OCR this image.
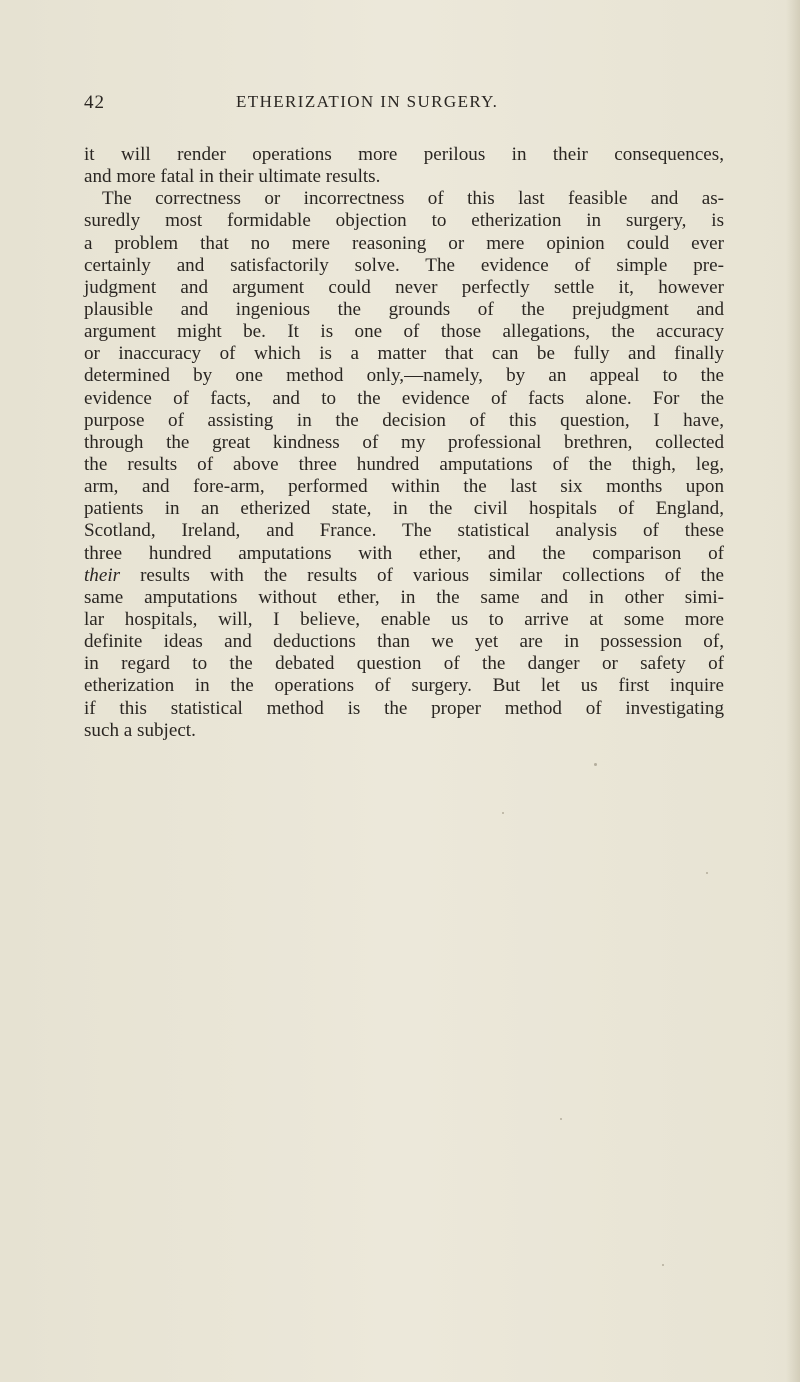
42	ETHERIZATION IN SURGERY.
it will render operations more perilous in their consequences,
and more fatal in their ultimate results.
The correctness or incorrectness of this last feasible and as-
suredly most formidable objection to etherization in surgery, is
a problem that no mere reasoning or mere opinion could ever
certainly and satisfactorily solve. The evidence of simple pre-
judgment and argument could never perfectly settle it, however
plausible and ingenious the grounds of the prejudgment and
argument might be. It is one of those allegations, the accuracy
or inaccuracy of which is a matter that can be fully and finally
determined by one method only,—namely, by an appeal to the
evidence of facts, and to the evidence of facts alone. For the
purpose of assisting in the decision of this question, I have,
through the great kindness of my professional brethren, collected
the results of above three hundred amputations of the thigh, leg,
arm, and fore-arm, performed within the last six months upon
patients in an etherized state, in the civil hospitals of England,
Scotland, Ireland, and France. The statistical analysis of these
three hundred amputations with ether, and the comparison of
their results with the results of various similar collections of the
same amputations without ether, in the same and in other simi-
lar hospitals, will, I believe, enable us to arrive at some more
definite ideas and deductions than we yet are in possession of,
in regard to the debated question of the danger or safety of
etherization in the operations of surgery. But let us first inquire
if this statistical method is the proper method of investigating
such a subject.
